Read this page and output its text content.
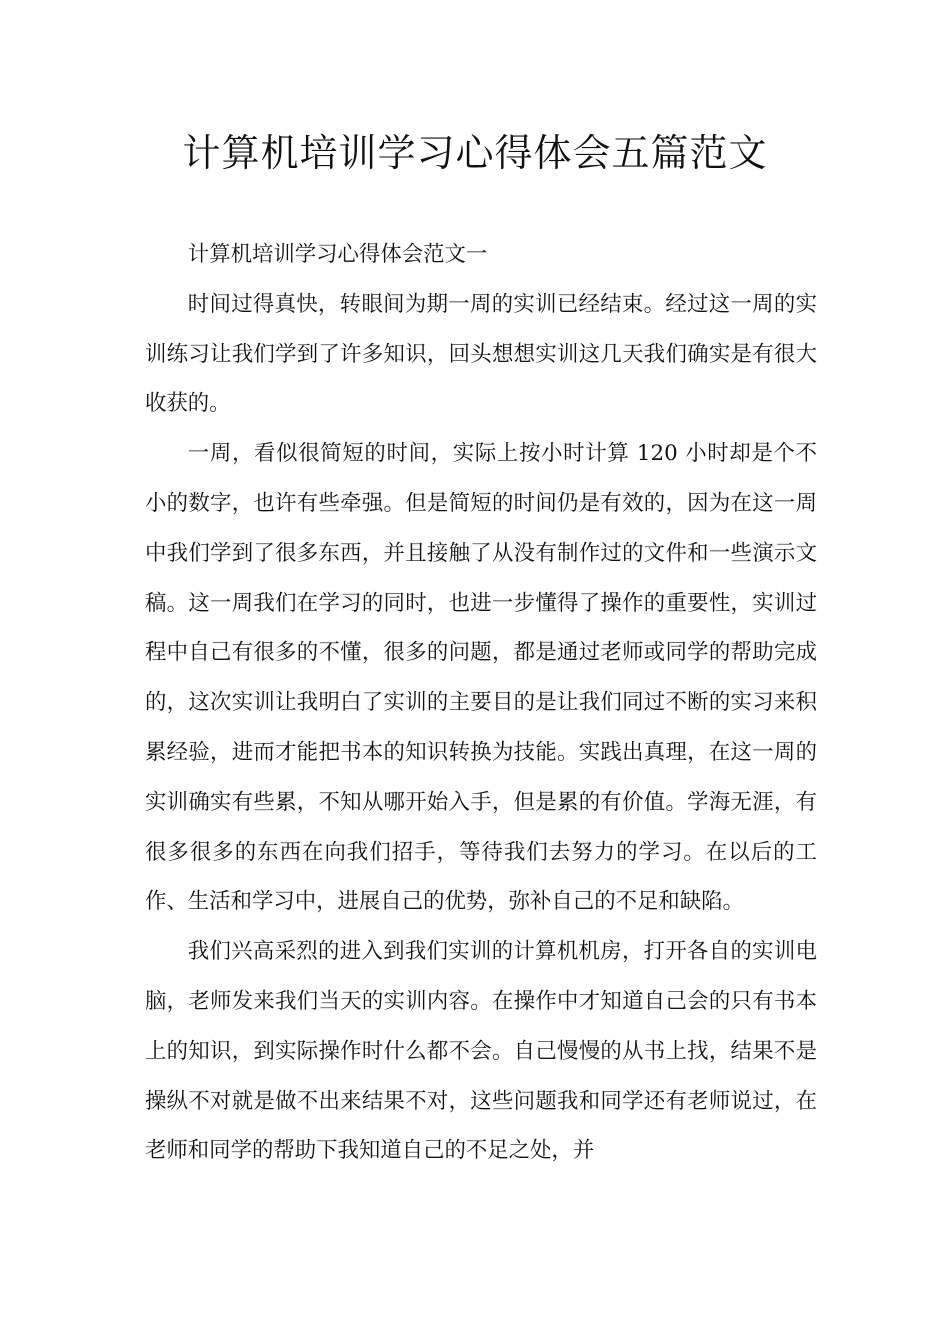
计算机培训学习心得体会五篇范文

计算机培训学习心得体会范文一

时间过得真快，转眼间为期一周的实训已经结束。经过这一周的实训练习让我们学到了许多知识，回头想想实训这几天我们确实是有很大收获的。

一周，看似很简短的时间，实际上按小时计算 120 小时却是个不小的数字，也许有些牵强。但是简短的时间仍是有效的，因为在这一周中我们学到了很多东西，并且接触了从没有制作过的文件和一些演示文稿。这一周我们在学习的同时，也进一步懂得了操作的重要性，实训过程中自己有很多的不懂，很多的问题，都是通过老师或同学的帮助完成的，这次实训让我明白了实训的主要目的是让我们同过不断的实习来积累经验，进而才能把书本的知识转换为技能。实践出真理，在这一周的实训确实有些累，不知从哪开始入手，但是累的有价值。学海无涯，有很多很多的东西在向我们招手，等待我们去努力的学习。在以后的工作、生活和学习中，进展自己的优势，弥补自己的不足和缺陷。

我们兴高采烈的进入到我们实训的计算机机房，打开各自的实训电脑，老师发来我们当天的实训内容。在操作中才知道自己会的只有书本上的知识，到实际操作时什么都不会。自己慢慢的从书上找，结果不是操纵不对就是做不出来结果不对，这些问题我和同学还有老师说过，在老师和同学的帮助下我知道自己的不足之处，并
